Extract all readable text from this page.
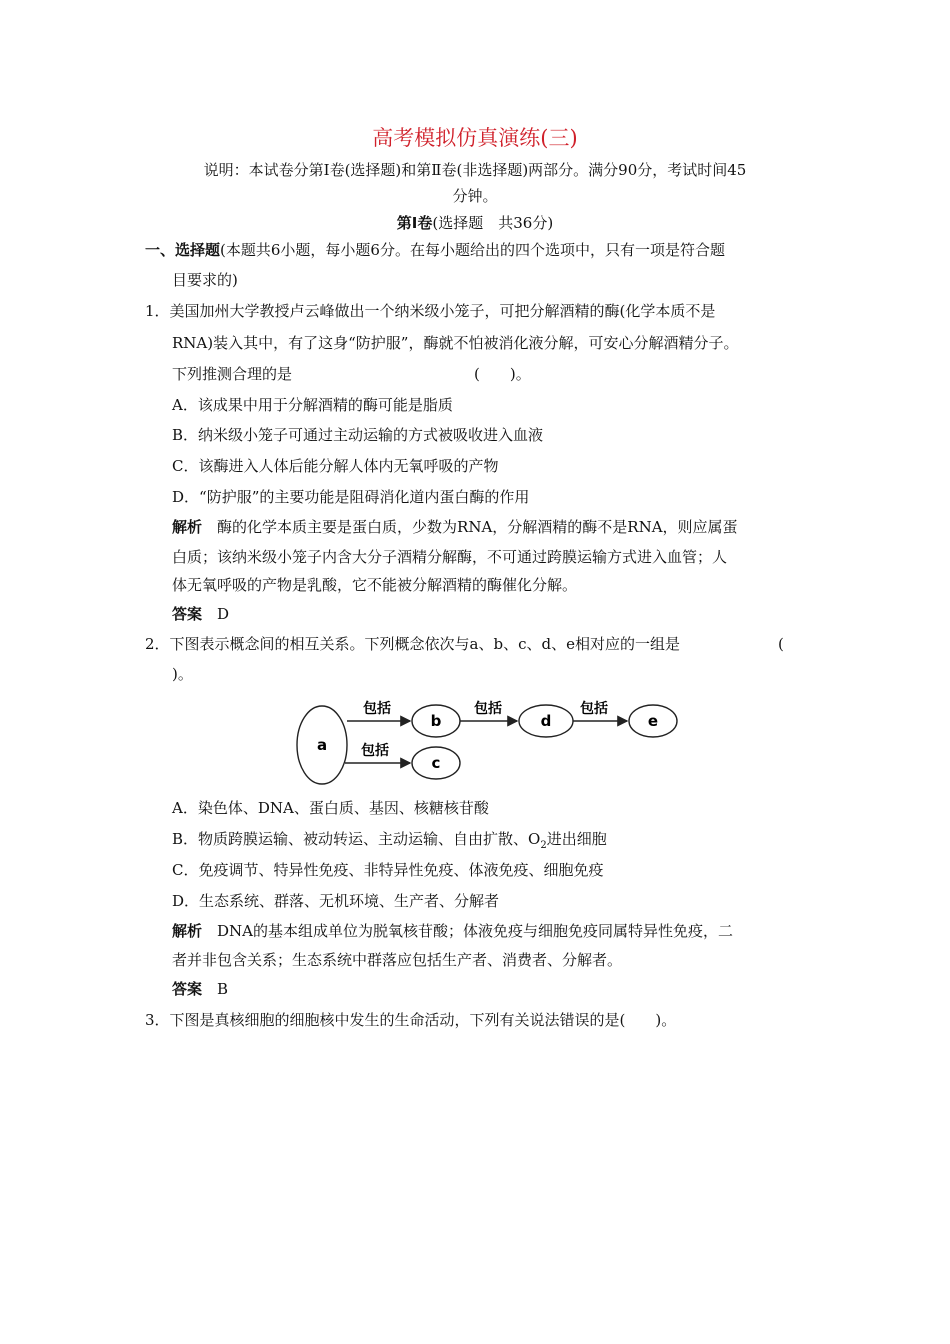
高考模拟仿真演练(三)
说明：本试卷分第Ⅰ卷(选择题)和第Ⅱ卷(非选择题)两部分。满分90分，考试时间45
分钟。
第Ⅰ卷(选择题　共36分)
一、选择题(本题共6小题，每小题6分。在每小题给出的四个选项中，只有一项是符合题
目要求的)
1．美国加州大学教授卢云峰做出一个纳米级小笼子，可把分解酒精的酶(化学本质不是
RNA)装入其中，有了这身“防护服”，酶就不怕被消化液分解，可安心分解酒精分子。
下列推测合理的是	(　　)。
A．该成果中用于分解酒精的酶可能是脂质
B．纳米级小笼子可通过主动运输的方式被吸收进入血液
C．该酶进入人体后能分解人体内无氧呼吸的产物
D．“防护服”的主要功能是阻碍消化道内蛋白酶的作用
解析　 酶的化学本质主要是蛋白质，少数为RNA，分解酒精的酶不是RNA，则应属蛋
白质；该纳米级小笼子内含大分子酒精分解酶，不可通过跨膜运输方式进入血管；人
体无氧呼吸的产物是乳酸，它不能被分解酒精的酶催化分解。
答案　 D
2．下图表示概念间的相互关系。下列概念依次与a、b、c、d、e相对应的一组是	(
)。
a
b
c
d	e
包括
包括
包括	包括
A．染色体、DNA、蛋白质、基因、核糖核苷酸
B．物质跨膜运输、被动转运、主动运输、自由扩散、$O_2$进出细胞
C．免疫调节、特异性免疫、非特异性免疫、体液免疫、细胞免疫
D．生态系统、群落、无机环境、生产者、分解者
解析　 DNA的基本组成单位为脱氧核苷酸；体液免疫与细胞免疫同属特异性免疫，二
者并非包含关系；生态系统中群落应包括生产者、消费者、分解者。
答案　 B
3．下图是真核细胞的细胞核中发生的生命活动，下列有关说法错误的是(　　)。
